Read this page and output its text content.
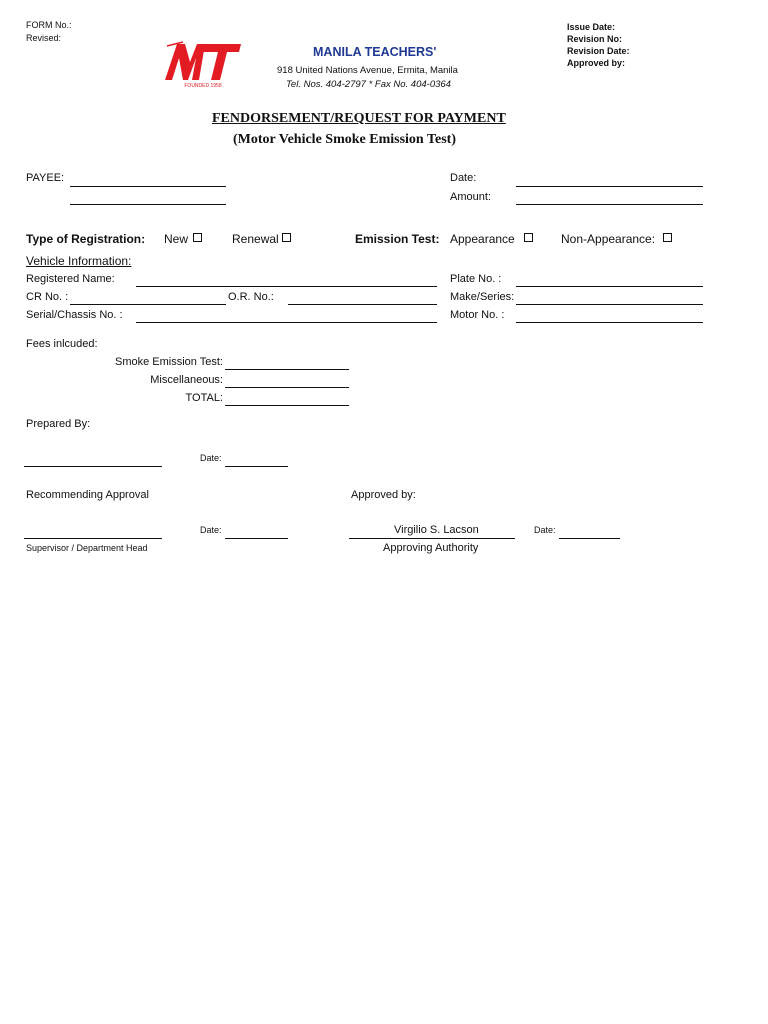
FORM No.:
Revised:
Issue Date:
Revision No:
Revision Date:
Approved by:
FOUNDED 1958
MANILA TEACHERS'
918 United Nations Avenue, Ermita, Manila
Tel. Nos. 404-2797 * Fax No. 404-0364
FENDORSEMENT/REQUEST FOR PAYMENT
(Motor Vehicle Smoke Emission Test)
PAYEE:	Date:
Amount:
Type of Registration: New	Renewal	Emission Test: Appearance	Non-Appearance:
Vehicle Information:
Registered Name:	Plate No. :
CR No. :	O.R. No.:	Make/Series:
Serial/Chassis No. :	Motor No. :
Fees inlcuded:
Smoke Emission Test:
Miscellaneous:
TOTAL:
Prepared By:
Date:
Recommending Approval	Approved by:
Date:
Supervisor / Department Head
Virgilio S. Lacson
Approving Authority
Date:
